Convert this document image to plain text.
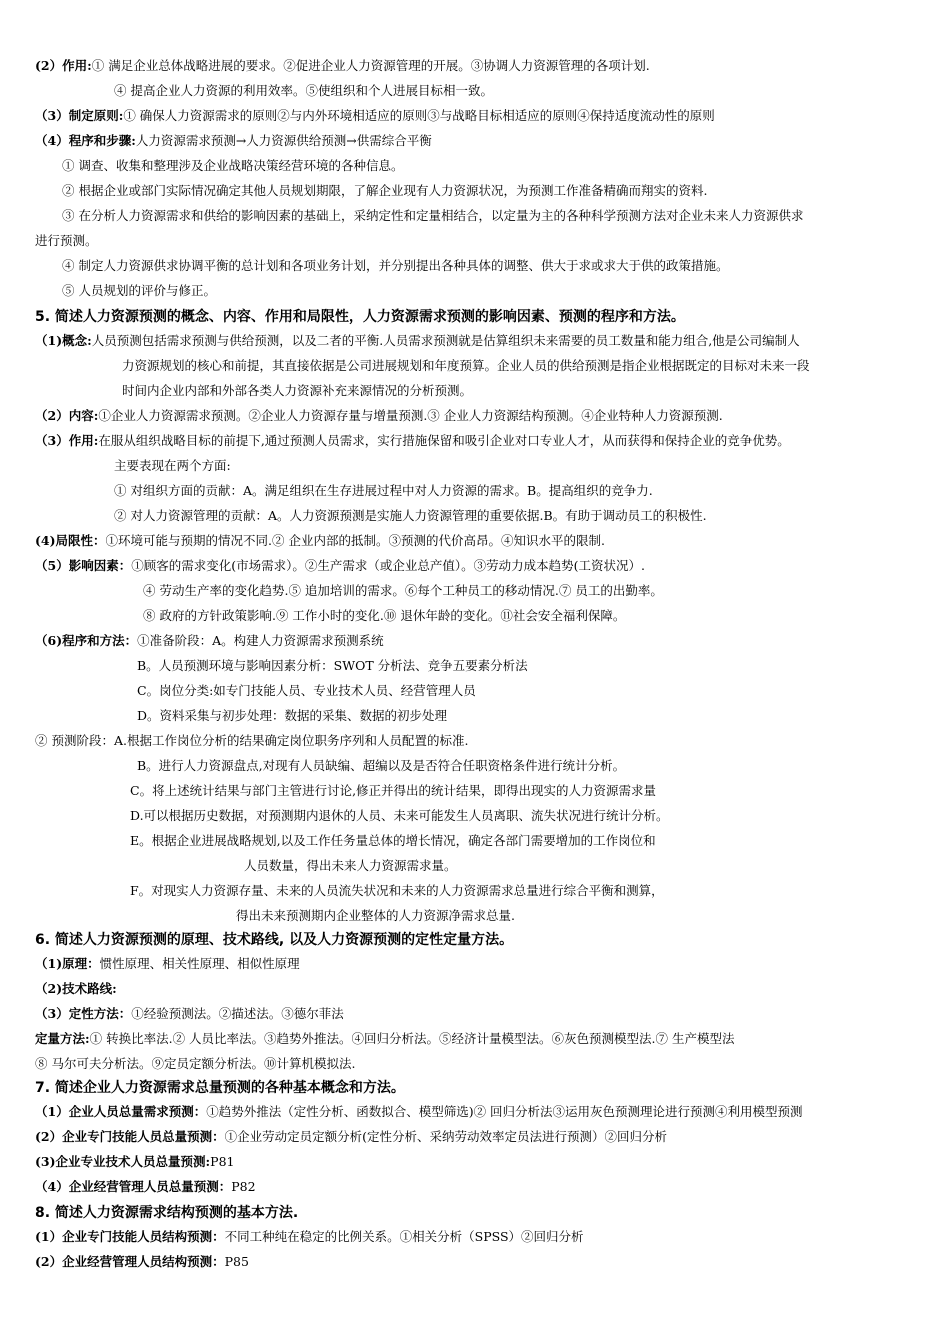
(2）作用:① 满足企业总体战略进展的要求。②促进企业人力资源管理的开展。③协调人力资源管理的各项计划.
④ 提高企业人力资源的利用效率。⑤使组织和个人进展目标相一致。
（3）制定原则:① 确保人力资源需求的原则②与内外环境相适应的原则③与战略目标相适应的原则④保持适度流动性的原则
（4）程序和步骤:人力资源需求预测→人力资源供给预测→供需综合平衡
① 调查、收集和整理涉及企业战略决策经营环境的各种信息。
② 根据企业或部门实际情况确定其他人员规划期限，了解企业现有人力资源状况，为预测工作准备精确而翔实的资料.
③ 在分析人力资源需求和供给的影响因素的基础上，采纳定性和定量相结合，以定量为主的各种科学预测方法对企业未来人力资源供求
进行预测。
④ 制定人力资源供求协调平衡的总计划和各项业务计划，并分别提出各种具体的调整、供大于求或求大于供的政策措施。
⑤ 人员规划的评价与修正。
5. 简述人力资源预测的概念、内容、作用和局限性，人力资源需求预测的影响因素、预测的程序和方法。
（1)概念:人员预测包括需求预测与供给预测，以及二者的平衡.人员需求预测就是估算组织未来需要的员工数量和能力组合,他是公司编制人
力资源规划的核心和前提，其直接依据是公司进展规划和年度预算。企业人员的供给预测是指企业根据既定的目标对未来一段
时间内企业内部和外部各类人力资源补充来源情况的分析预测。
（2）内容:①企业人力资源需求预测。②企业人力资源存量与增量预测.③ 企业人力资源结构预测。④企业特种人力资源预测.
（3）作用:在服从组织战略目标的前提下,通过预测人员需求，实行措施保留和吸引企业对口专业人才，从而获得和保持企业的竞争优势。
主要表现在两个方面:
① 对组织方面的贡献：A。满足组织在生存进展过程中对人力资源的需求。B。提高组织的竞争力.
② 对人力资源管理的贡献：A。人力资源预测是实施人力资源管理的重要依据.B。有助于调动员工的积极性.
(4)局限性：①环境可能与预期的情况不同.② 企业内部的抵制。③预测的代价高昂。④知识水平的限制.
（5）影响因素：①顾客的需求变化(市场需求）。②生产需求（或企业总产值）。③劳动力成本趋势(工资状况）.
④ 劳动生产率的变化趋势.⑤ 追加培训的需求。⑥每个工种员工的移动情况.⑦ 员工的出勤率。
⑧ 政府的方针政策影响.⑨ 工作小时的变化.⑩ 退休年龄的变化。⑪社会安全福利保障。
（6)程序和方法：①准备阶段：A。构建人力资源需求预测系统
B。人员预测环境与影响因素分析：SWOT 分析法、竞争五要素分析法
C。岗位分类:如专门技能人员、专业技术人员、经营管理人员
D。资料采集与初步处理：数据的采集、数据的初步处理
② 预测阶段：A.根据工作岗位分析的结果确定岗位职务序列和人员配置的标准.
B。进行人力资源盘点,对现有人员缺编、超编以及是否符合任职资格条件进行统计分析。
C。将上述统计结果与部门主管进行讨论,修正并得出的统计结果，即得出现实的人力资源需求量
D.可以根据历史数据，对预测期内退休的人员、未来可能发生人员离职、流失状况进行统计分析。
E。根据企业进展战略规划,以及工作任务量总体的增长情况，确定各部门需要增加的工作岗位和
人员数量，得出未来人力资源需求量。
F。对现实人力资源存量、未来的人员流失状况和未来的人力资源需求总量进行综合平衡和测算，
得出未来预测期内企业整体的人力资源净需求总量.
6. 简述人力资源预测的原理、技术路线, 以及人力资源预测的定性定量方法。
（1)原理：惯性原理、相关性原理、相似性原理
（2)技术路线:
（3）定性方法：①经验预测法。②描述法。③德尔菲法
定量方法:① 转换比率法.② 人员比率法。③趋势外推法。④回归分析法。⑤经济计量模型法。⑥灰色预测模型法.⑦ 生产模型法
⑧ 马尔可夫分析法。⑨定员定额分析法。⑩计算机模拟法.
7. 简述企业人力资源需求总量预测的各种基本概念和方法。
（1）企业人员总量需求预测：①趋势外推法（定性分析、函数拟合、模型筛选)② 回归分析法③运用灰色预测理论进行预测④利用模型预测
(2）企业专门技能人员总量预测：①企业劳动定员定额分析(定性分析、采纳劳动效率定员法进行预测）②回归分析
(3)企业专业技术人员总量预测:P81
（4）企业经营管理人员总量预测：P82
8. 简述人力资源需求结构预测的基本方法.
(1）企业专门技能人员结构预测：不同工种纯在稳定的比例关系。①相关分析（SPSS）②回归分析
(2）企业经营管理人员结构预测：P85
